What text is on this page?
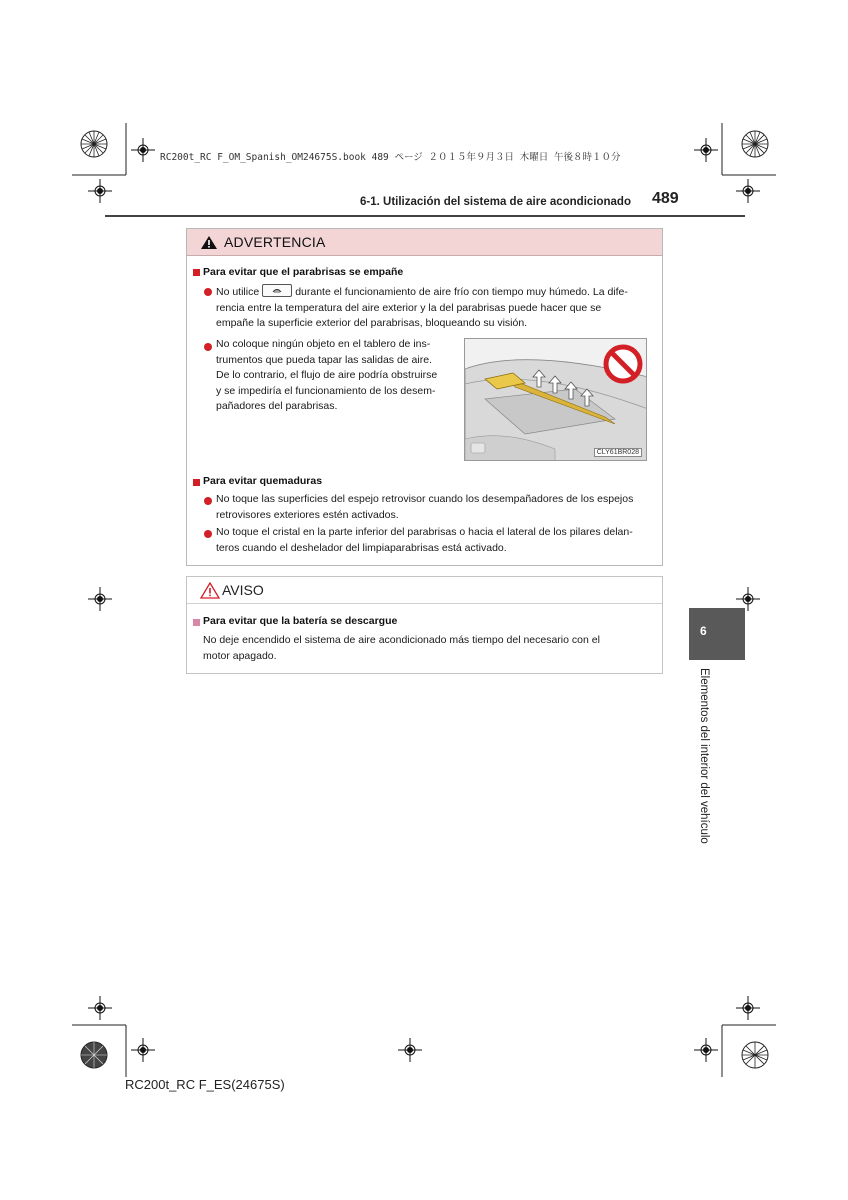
RC200t_RC F_OM_Spanish_OM24675S.book 489 ページ ２０１５年９月３日 木曜日 午後８時１０分
6-1. Utilización del sistema de aire acondicionado 489
ADVERTENCIA
Para evitar que el parabrisas se empañe
No utilice	durante el funcionamiento de aire frío con tiempo muy húmedo. La dife-
rencia entre la temperatura del aire exterior y la del parabrisas puede hacer que se
empañe la superficie exterior del parabrisas, bloqueando su visión.
No coloque ningún objeto en el tablero de ins-
trumentos que pueda tapar las salidas de aire.
De lo contrario, el flujo de aire podría obstruirse
y se impediría el funcionamiento de los desem-
pañadores del parabrisas.
Para evitar quemaduras
No toque las superficies del espejo retrovisor cuando los desempañadores de los espejos
retrovisores exteriores estén activados.
No toque el cristal en la parte inferior del parabrisas o hacia el lateral de los pilares delan-
teros cuando el deshelador del limpiaparabrisas está activado.
CLY61BR028
AVISO
Para evitar que la batería se descargue
No deje encendido el sistema de aire acondicionado más tiempo del necesario con el
motor apagado.
6
Elementos del interior del vehículo
RC200t_RC F_ES(24675S)
